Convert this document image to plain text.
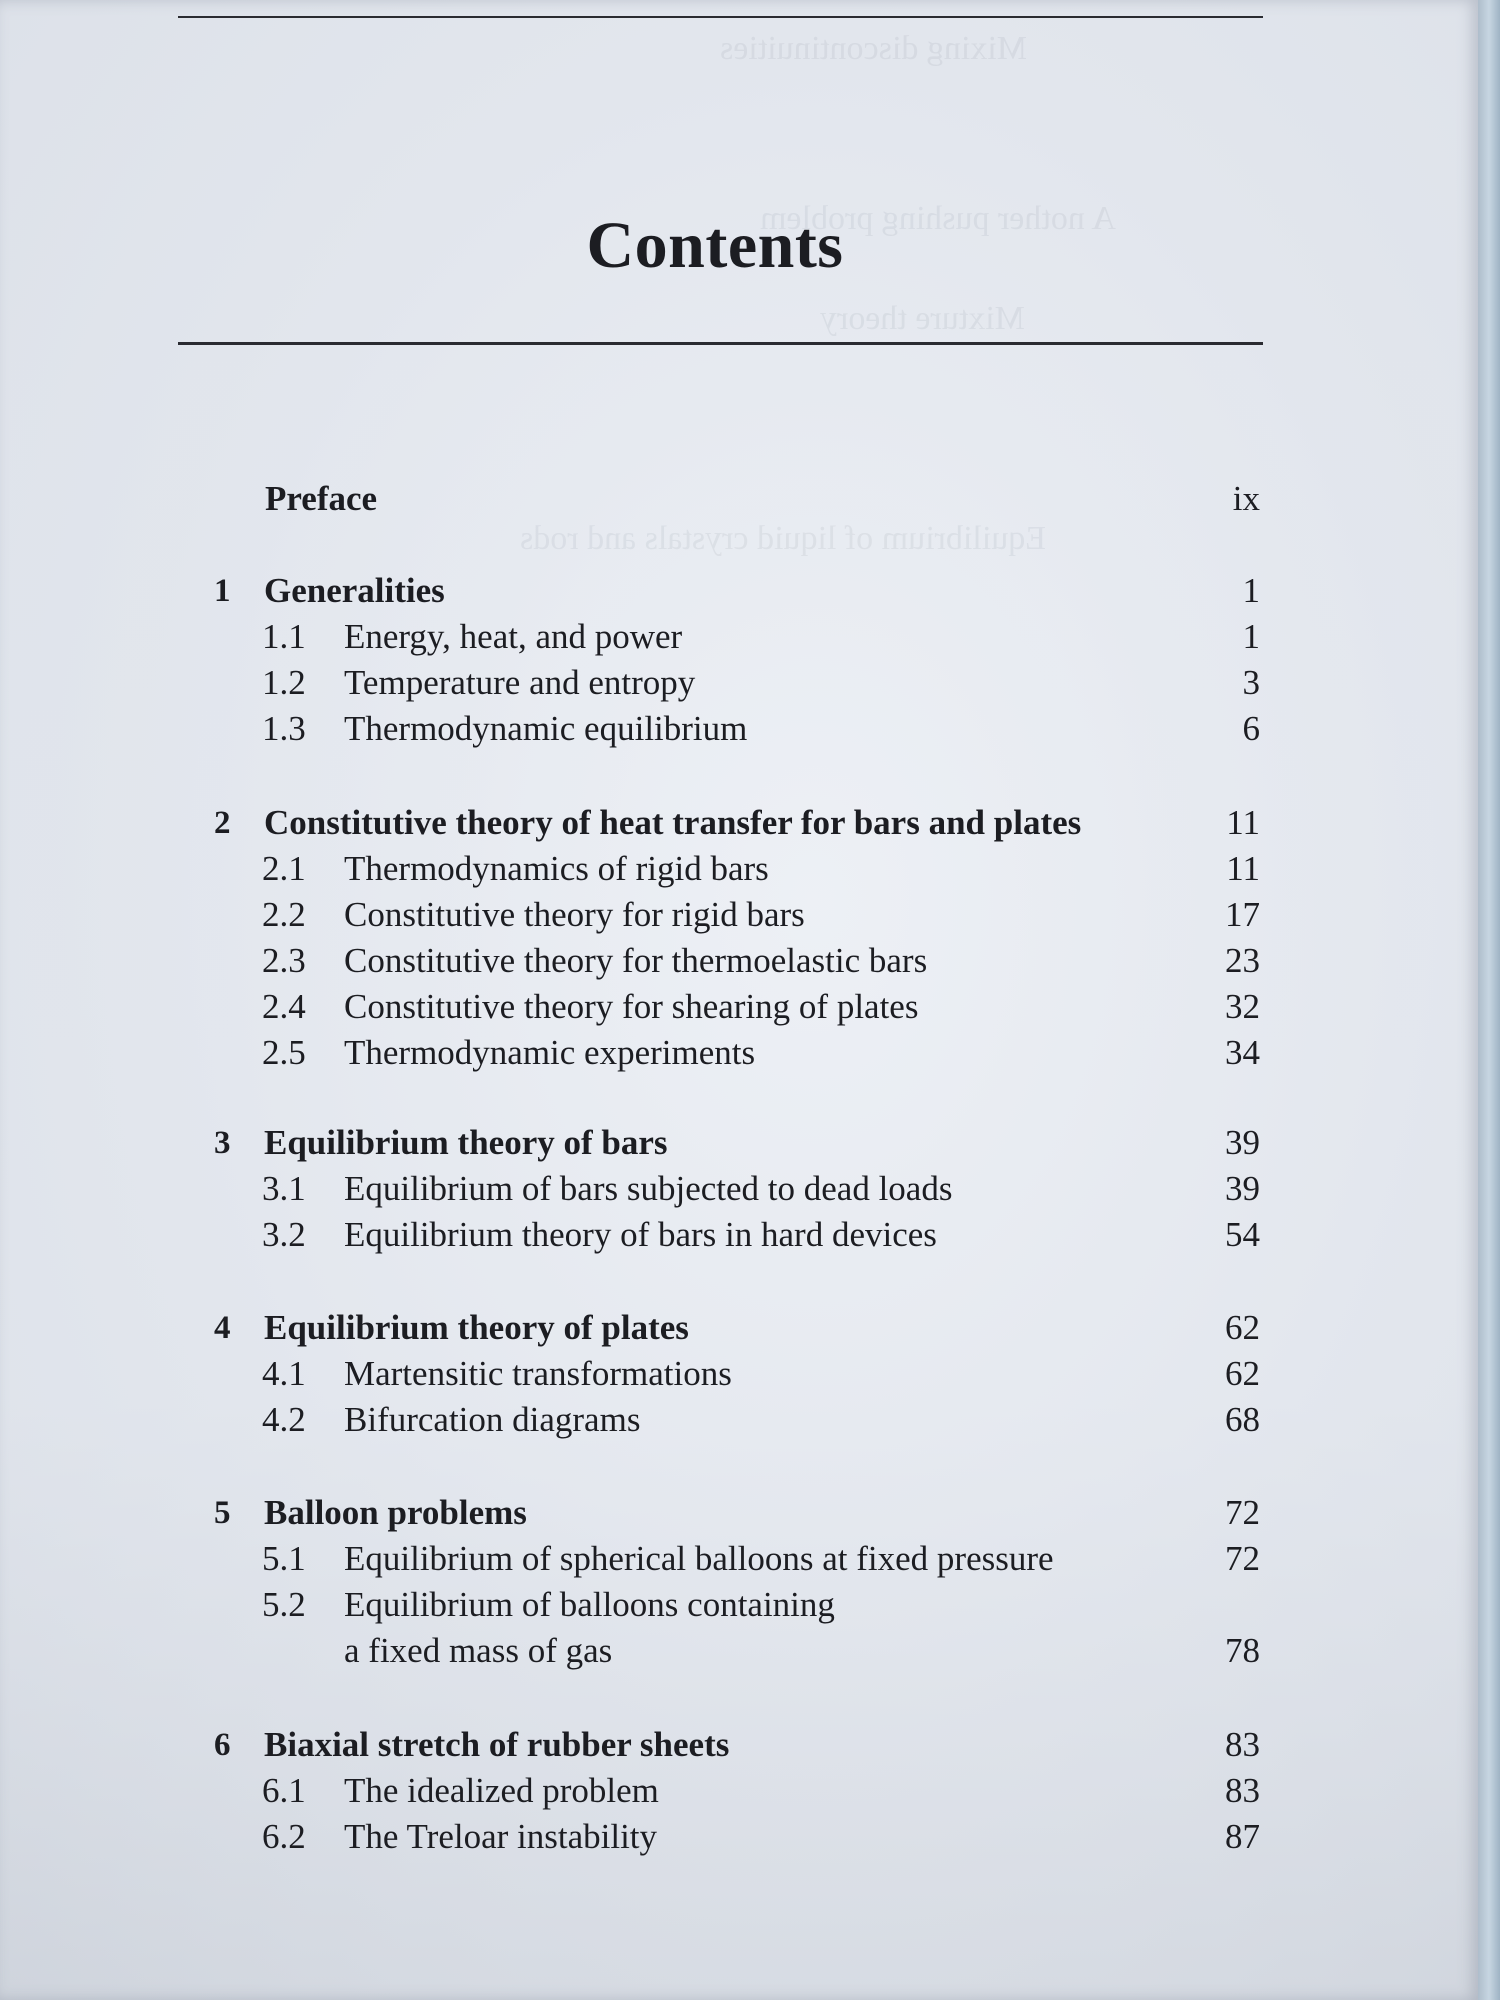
Mixing discontinuities
A nother pushing problem
Mixture theory
Equilibrium of liquid crystals and rods
Contents
Preface	ix
1 Generalities	1
1.1 Energy, heat, and power	1
1.2 Temperature and entropy	3
1.3 Thermodynamic equilibrium	6
2 Constitutive theory of heat transfer for bars and plates	11
2.1 Thermodynamics of rigid bars	11
2.2 Constitutive theory for rigid bars	17
2.3 Constitutive theory for thermoelastic bars	23
2.4 Constitutive theory for shearing of plates	32
2.5 Thermodynamic experiments	34
3 Equilibrium theory of bars	39
3.1 Equilibrium of bars subjected to dead loads	39
3.2 Equilibrium theory of bars in hard devices	54
4 Equilibrium theory of plates	62
4.1 Martensitic transformations	62
4.2 Bifurcation diagrams	68
5 Balloon problems	72
5.1 Equilibrium of spherical balloons at fixed pressure	72
5.2 Equilibrium of balloons containing
a fixed mass of gas	78
6 Biaxial stretch of rubber sheets	83
6.1 The idealized problem	83
6.2 The Treloar instability	87
